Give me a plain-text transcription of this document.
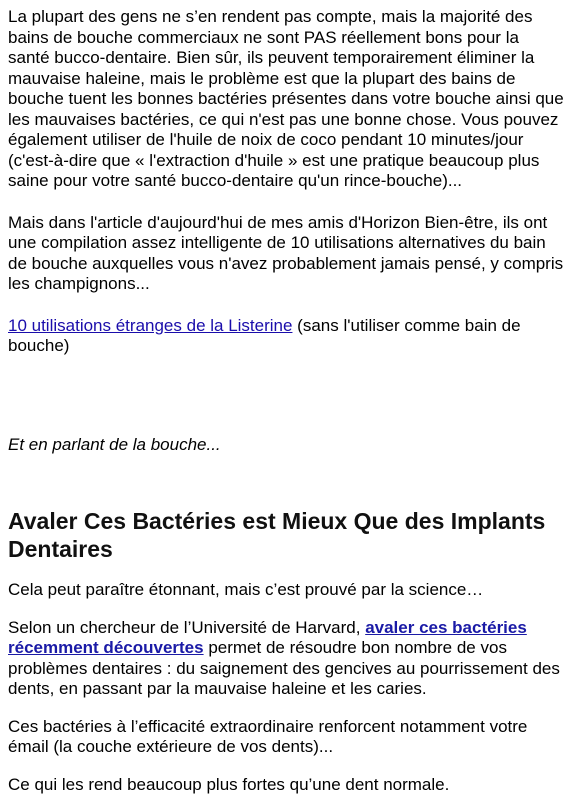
La plupart des gens ne s’en rendent pas compte, mais la majorité des bains de bouche commerciaux ne sont PAS réellement bons pour la santé bucco-dentaire. Bien sûr, ils peuvent temporairement éliminer la mauvaise haleine, mais le problème est que la plupart des bains de bouche tuent les bonnes bactéries présentes dans votre bouche ainsi que les mauvaises bactéries, ce qui n'est pas une bonne chose. Vous pouvez également utiliser de l'huile de noix de coco pendant 10 minutes/jour (c'est-à-dire que « l'extraction d'huile » est une pratique beaucoup plus saine pour votre santé bucco-dentaire qu'un rince-bouche)...

Mais dans l'article d'aujourd'hui de mes amis d'Horizon Bien-être, ils ont une compilation assez intelligente de 10 utilisations alternatives du bain de bouche auxquelles vous n'avez probablement jamais pensé, y compris les champignons...

10 utilisations étranges de la Listerine (sans l'utiliser comme bain de bouche)

Et en parlant de la bouche...

Avaler Ces Bactéries est Mieux Que des Implants Dentaires

Cela peut paraître étonnant, mais c’est prouvé par la science…

Selon un chercheur de l’Université de Harvard, avaler ces bactéries récemment découvertes permet de résoudre bon nombre de vos problèmes dentaires : du saignement des gencives au pourrissement des dents, en passant par la mauvaise haleine et les caries.

Ces bactéries à l’efficacité extraordinaire renforcent notamment votre émail (la couche extérieure de vos dents)...

Ce qui les rend beaucoup plus fortes qu’une dent normale.
